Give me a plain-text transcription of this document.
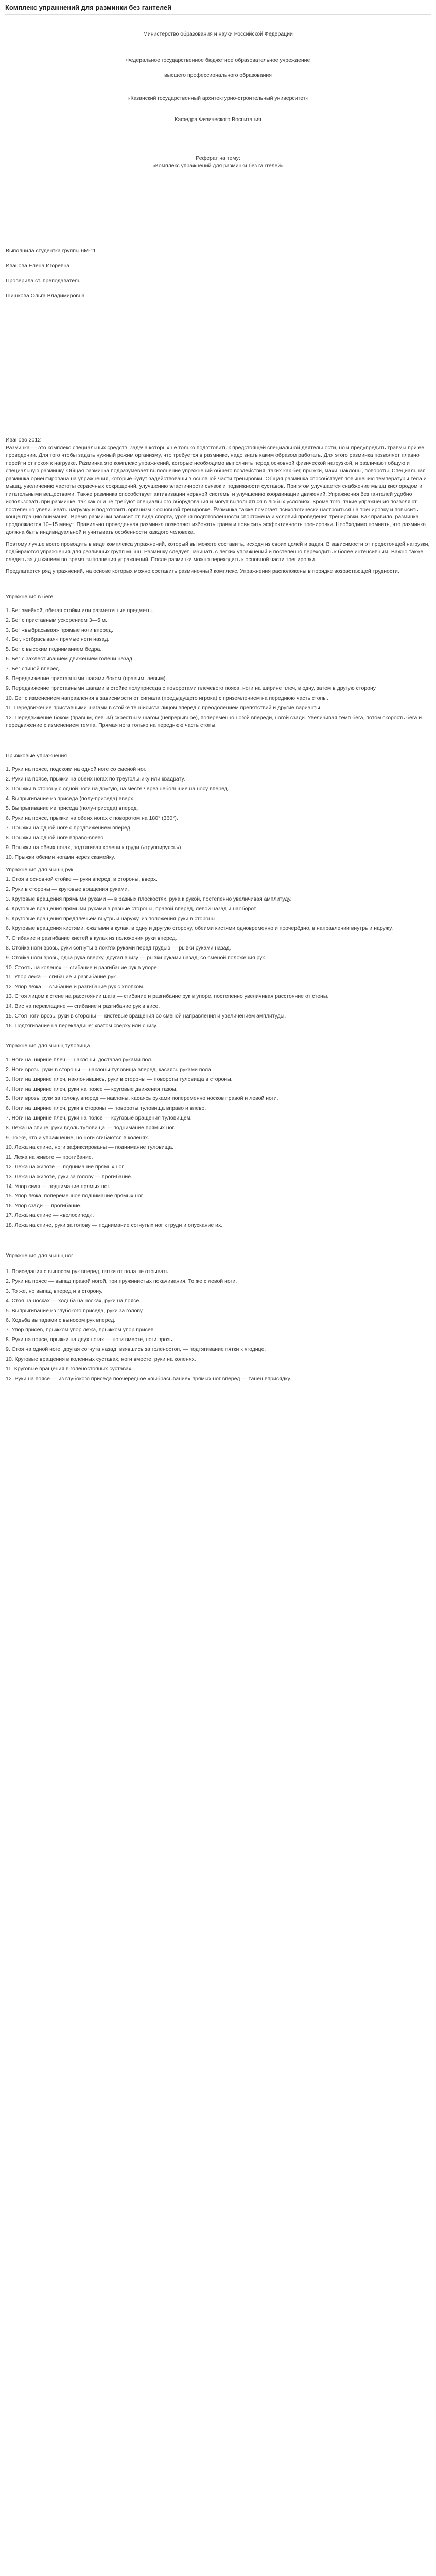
Комплекс упражнений для разминки без гантелей

Министерство образования и науки Российской Федерации

Федеральное государственное бюджетное образовательное учреждение

высшего профессионального образования

«Казанский государственный архитектурно-строительный университет»

Кафедра Физического Воспитания

Реферат на тему:

«Комплекс упражнений для разминки без гантелей»

Выполнила студентка группы 6М-11

Иванова Елена Игоревна

Проверила ст. преподаватель

Шишкова Ольга Владимировна

Иваново 2012

Разминка — это комплекс специальных средств, задача которых не только подготовить к предстоящей специальной деятельности, но и предупредить травмы при ее проведении. Для того чтобы задать нужный режим организму, что требуется в разминке, надо знать каким образом работать. Для этого разминка позволяет плавно перейти от покоя к нагрузке. Разминка это комплекс упражнений, которые необходимо выполнить перед основной физической нагрузкой, и различают общую и специальную разминку. Общая разминка подразумевает выполнение упражнений общего воздействия, таких как бег, прыжки, махи, наклоны, повороты. Специальная разминка ориентирована на упражнения, которые будут задействованы в основной части тренировки. Общая разминка способствует повышению температуры тела и мышц, увеличению частоты сердечных сокращений, улучшению эластичности связок и подвижности суставов. При этом улучшается снабжение мышц кислородом и питательными веществами. Также разминка способствует активизации нервной системы и улучшению координации движений. Упражнения без гантелей удобно использовать при разминке, так как они не требуют специального оборудования и могут выполняться в любых условиях. Кроме того, такие упражнения позволяют постепенно увеличивать нагрузку и подготовить организм к основной тренировке. Разминка также помогает психологически настроиться на тренировку и повысить концентрацию внимания. Время разминки зависит от вида спорта, уровня подготовленности спортсмена и условий проведения тренировки. Как правило, разминка продолжается 10–15 минут. Правильно проведенная разминка позволяет избежать травм и повысить эффективность тренировки. Необходимо помнить, что разминка должна быть индивидуальной и учитывать особенности каждого человека.

Поэтому лучше всего проводить в виде комплекса упражнений, который вы можете составить, исходя из своих целей и задач. В зависимости от предстоящей нагрузки, подбираются упражнения для различных групп мышц. Разминку следует начинать с легких упражнений и постепенно переходить к более интенсивным. Важно также следить за дыханием во время выполнения упражнений. После разминки можно переходить к основной части тренировки.

Предлагается ряд упражнений, на основе которых можно составить разминочный комплекс. Упражнения расположены в порядке возрастающей трудности.

Упражнения в беге.

1. Бег змейкой, обегая стойки или разметочные предметы.

2. Бег с приставным ускорением 3—5 м.

3. Бег «выбрасывая» прямые ноги вперед.

4. Бег, «отбрасывая» прямые ноги назад.

5. Бег с высоким подниманием бедра.

6. Бег с захлестыванием движением голени назад.

7. Бег спиной вперед.

8. Передвижение приставными шагами боком (правым, левым).

9. Передвижение приставными шагами в стойке полуприседа с поворотами плечевого пояса, ноги на ширине плеч, в одну, затем в другую сторону.

10. Бег с изменением направления в зависимости от сигнала (предыдущего игрока) с приземлением на переднюю часть стопы.

11. Передвижение приставными шагами в стойке теннисиста лицом вперед с преодолением препятствий и другие варианты.

12. Передвижение боком (правым, левым) скрестным шагом (непрерывное), попеременно ногой впереди, ногой сзади. Увеличивая темп бега, потом скорость бега и передвижение с изменением темпа. Прямая нога только на переднюю часть стопы.

Прыжковые упражнения

1. Руки на поясе, подскоки на одной ноге со сменой ног.

2. Руки на поясе, прыжки на обеих ногах по треугольнику или квадрату.

3. Прыжки в сторону с одной ноги на другую, на месте через небольшие на носу вперед.

4. Выпрыгивание из приседа (полу-приседа) вверх.

5. Выпрыгивание из приседа (полу-приседа) вперед.

6. Руки на поясе, прыжки на обеих ногах с поворотом на 180° (360°).

7. Прыжки на одной ноге с продвижением вперед.

8. Прыжки на одной ноге вправо-влево.

9. Прыжки на обеих ногах, подтягивая колени к груди («группируясь»).

10. Прыжки обеими ногами через скамейку.

Упражнения для мышц рук

1. Стоя в основной стойке — руки вперед, в стороны, вверх.

2. Руки в стороны — круговые вращения руками.

3. Круговые вращения прямыми руками — в разных плоскостях, рука к рукой, постепенно увеличивая амплитуду.

4. Круговые вращения прямыми руками в разные стороны, правой вперед, левой назад и наоборот.

5. Круговые вращения предплечьем внутрь и наружу, из положения руки в стороны.

6. Круговые вращения кистями, сжатыми в кулак, в одну и другую сторону, обеими кистями одновременно и поочерёдно, в направлении внутрь и наружу.

7. Сгибание и разгибание кистей в кулак из положения руки вперед.

8. Стойка ноги врозь, руки согнуты в локтях руками перед грудью — рывки руками назад.

9. Стойка ноги врозь, одна рука вверху, другая внизу — рывки руками назад, со сменой положения рук.

10. Стоять на коленях — сгибание и разгибание рук в упоре.

11. Упор лежа — сгибание и разгибание рук.

12. Упор лежа — сгибание и разгибание рук с хлопком.

13. Стоя лицом к стене на расстоянии шага — сгибание и разгибание рук в упоре, постепенно увеличивая расстояние от стены.

14. Вис на перекладине — сгибание и разгибание рук в висе.

15. Стоя ноги врозь, руки в стороны — кистевые вращения со сменой направления и увеличением амплитуды.

16. Подтягивание на перекладине: хватом сверху или снизу.

Упражнения для мышц туловища

1. Ноги на ширине плеч — наклоны, доставая руками пол.

2. Ноги врозь, руки в стороны — наклоны туловища вперед, касаясь руками пола.

3. Ноги на ширине плеч, наклонившись, руки в стороны — повороты туловища в стороны.

4. Ноги на ширине плеч, руки на поясе — круговые движения тазом.

5. Ноги врозь, руки за голову, вперед — наклоны, касаясь руками попеременно носков правой и левой ноги.

6. Ноги на ширине плеч, руки в стороны — повороты туловища вправо и влево.

7. Ноги на ширине плеч, руки на поясе — круговые вращения туловищем.

8. Лежа на спине, руки вдоль туловища — поднимание прямых ног.

9. То же, что и упражнение, но ноги сгибаются в коленях.

10. Лежа на спине, ноги зафиксированы — поднимание туловища.

11. Лежа на животе — прогибание.

12. Лежа на животе — поднимание прямых ног.

13. Лежа на животе, руки за голову — прогибание.

14. Упор сидя — поднимание прямых ног.

15. Упор лежа, попеременное поднимание прямых ног.

16. Упор сзади — прогибание.

17. Лежа на спине — «велосипед».

18. Лежа на спине, руки за голову — поднимание согнутых ног к груди и опускание их.

Упражнения для мышц ног

1. Приседания с выносом рук вперед, пятки от пола не отрывать.

2. Руки на поясе — выпад правой ногой, три пружинистых покачивания. То же с левой ноги.

3. То же, но выпад вперед и в сторону.

4. Стоя на носках — ходьба на носках, руки на поясе.

5. Выпрыгивание из глубокого приседа, руки за голову.

6. Ходьба выпадами с выносом рук вперед.

7. Упор присев, прыжком упор лежа, прыжком упор присев.

8. Руки на поясе, прыжки на двух ногах — ноги вместе, ноги врозь.

9. Стоя на одной ноге, другая согнута назад, взявшись за голеностоп, — подтягивание пятки к ягодице.

10. Круговые вращения в коленных суставах, ноги вместе, руки на коленях.

11. Круговые вращения в голеностопных суставах.

12. Руки на поясе — из глубокого приседа поочередное «выбрасывание» прямых ног вперед — танец вприсядку.
